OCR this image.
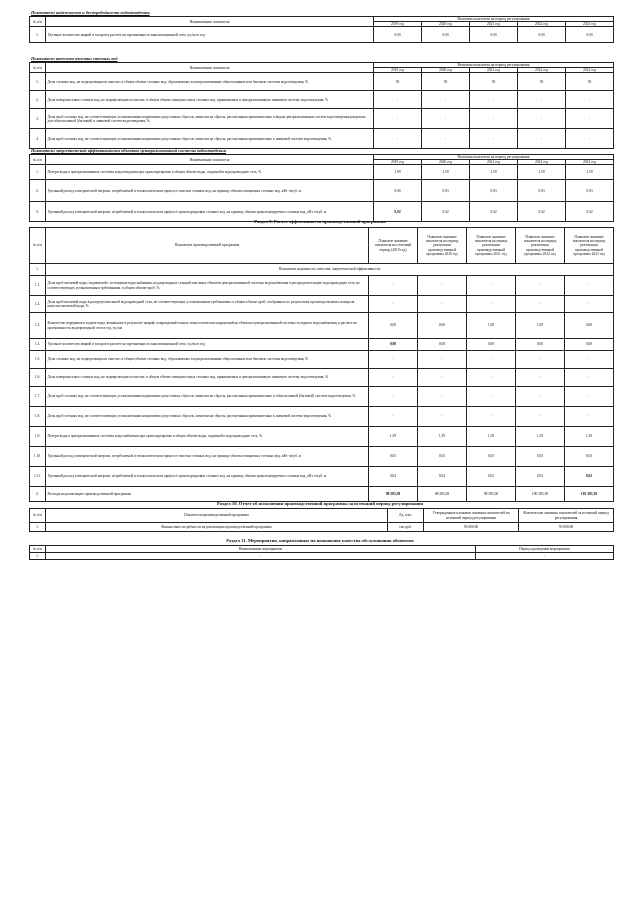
Показатели надежности и бесперебойности водоотведения
№ п/п	Наименование показателя	Величина показателя на период регулирования				
		2019 год	2020 год	2021 год	2022 год	2023 год
1.	Удельное количество аварий и засоров в расчете на протяженность канализационной сети, ед./км в год	0,00	0,00	0,00	0,00	0,00
Показатели качества очистки сточных вод
№ п/п	Наименование показателя	Величина показателя на период регулирования				
		2019 год	2020 год	2021 год	2022 год	2023 год
1.	Доля сточных вод, не подвергающихся очистке, в общем объеме сточных вод, сбрасываемых в централизованные общесплавные или бытовые системы водоотведения, %	93	93	93	93	93
2.	Доля поверхностных сточных вод, не подвергающихся очистке, в общем объеме поверхностных сточных вод, принимаемых в централизованную ливневую систему водоотведения, %	-	-	-	-	-
3.	Доля проб сточных вод, не соответствующих установленным нормативам допустимых сбросов, лимитам на сбросы, рассчитанная применительно к видам централизованных систем водоотведения раздельно для общесплавной (бытовой) и ливневой систем водоотведения, %	-	-	-	-	-
4.	Доля проб сточных вод, не соответствующих установленным нормативам допустимых сбросов, лимитам на сбросы, рассчитанная применительно к ливневой системе водоотведения, %	-	-	-	-	-
Показатели энергетической эффективности объектов централизованной системы водоотведения
№ п/п	Наименование показателя	Величина показателя на период регулирования				
		2019 год	2020 год	2021 год	2022 год	2023 год
1.	Потери воды в централизованных системах водоотведения при транспортировке в общем объеме воды, поданной в водопроводную сеть, %	1,99	1,59	1,59	1,59	1,59
2.	Удельный расход электрической энергии, потребляемой в технологическом процессе очистки сточных вод, на единицу объема очищаемых сточных вод, кВт·ч/куб. м	0,00	0,03	0,03	0,03	0,03
3.	Удельный расход электрической энергии, потребляемой в технологическом процессе транспортировки сточных вод, на единицу объема транспортируемых сточных вод, кВт·ч/куб. м	0,02	0,02	0,02	0,02	0,02
Раздел 9. Расчет эффективности производственной программы
№ п/п	Показатели производственной программы	Плановое значение показателя на отчетный период (2019 год)	Плановое значение показателя на период реализации производственной программы 2020 год	Плановое значение показателя на период реализации производственной программы 2021 год	Плановое значение показателя на период реализации производственной программы 2022 год	Плановое значение показателя на период реализации производственной программы 2023 год
1.	Показатели надежности, качества, энергетической эффективности					
1.1.	Доля проб питьевой воды, подаваемой с источников водоснабжения, водопроводных станций или иных объектов централизованной системы водоснабжения в распределительную водопроводную сеть, не соответствующих установленным требованиям, в общем объеме проб, %	-	-	-	-	-
1.2.	Доля проб питьевой воды в распределительной водопроводной сети, не соответствующих установленным требованиям, в общем объеме проб, отобранных по результатам производственного контроля качества питьевой воды, %	-	-	-	-	-
1.3.	Количество перерывов в подаче воды, возникших в результате аварий, повреждений и иных технологических нарушений на объектах централизованной системы холодного водоснабжения, в расчете на протяженность водопроводной сети в год, ед./км	0,00	0,00	1,00	1,00	0,00
1.4.	Удельное количество аварий и засоров в расчете на протяженность канализационной сети, ед./км в год	0,00	0,00	0,00	0,00	0,00
1.5.	Доля сточных вод, не подвергающихся очистке, в общем объеме сточных вод, сбрасываемых в централизованные общесплавные или бытовые системы водоотведения, %	-	-	-	-	-
1.6.	Доля поверхностных сточных вод, не подвергающихся очистке, в общем объеме поверхностных сточных вод, принимаемых в централизованную ливневую систему водоотведения, %	-	-	-	-	-
1.7.	Доля проб сточных вод, не соответствующих установленным нормативам допустимых сбросов, лимитам на сбросы, рассчитанная применительно к общесплавной (бытовой) системе водоотведения, %	-	-	-	-	-
1.8.	Доля проб сточных вод, не соответствующих установленным нормативам допустимых сбросов, лимитам на сбросы, рассчитанная применительно к ливневой системе водоотведения, %	-	-	-	-	-
1.9.	Потери воды в централизованных системах водоснабжения при транспортировке в общем объеме воды, поданной в водопроводную сеть, %	1,59	1,59	1,59	1,59	1,59
1.10.	Удельный расход электрической энергии, потребляемой в технологическом процессе очистки сточных вод, на единицу объема очищаемых сточных вод, кВт·ч/куб. м	0,03	0,03	0,03	0,03	0,03
1.11.	Удельный расход электрической энергии, потребляемой в технологическом процессе транспортировки сточных вод, на единицу объема транспортируемых сточных вод, кВт·ч/куб. м	0,02	0,02	0,02	0,02	0,02
2.	Расходы на реализацию производственной программы	98 383,38	98 383,38	98 383,38	100 383,38	103 383,38
Раздел 10. Отчет об исполнении производственной программы за истекший период регулирования
№ п/п	Показатели производственной программы	Ед. изм.	Утвержденные плановые значения показателей на истекший период регулирования	Фактические значения показателей за истекший период регулирования
1.	Финансовые потребности на реализацию производственной программы	тыс.руб.	93 000,00	93 000,00
Раздел 11. Мероприятия, направленные на повышение качества обслуживания абонентов
№ п/п	Наименование мероприятия	Период проведения мероприятия
1.	-	-
